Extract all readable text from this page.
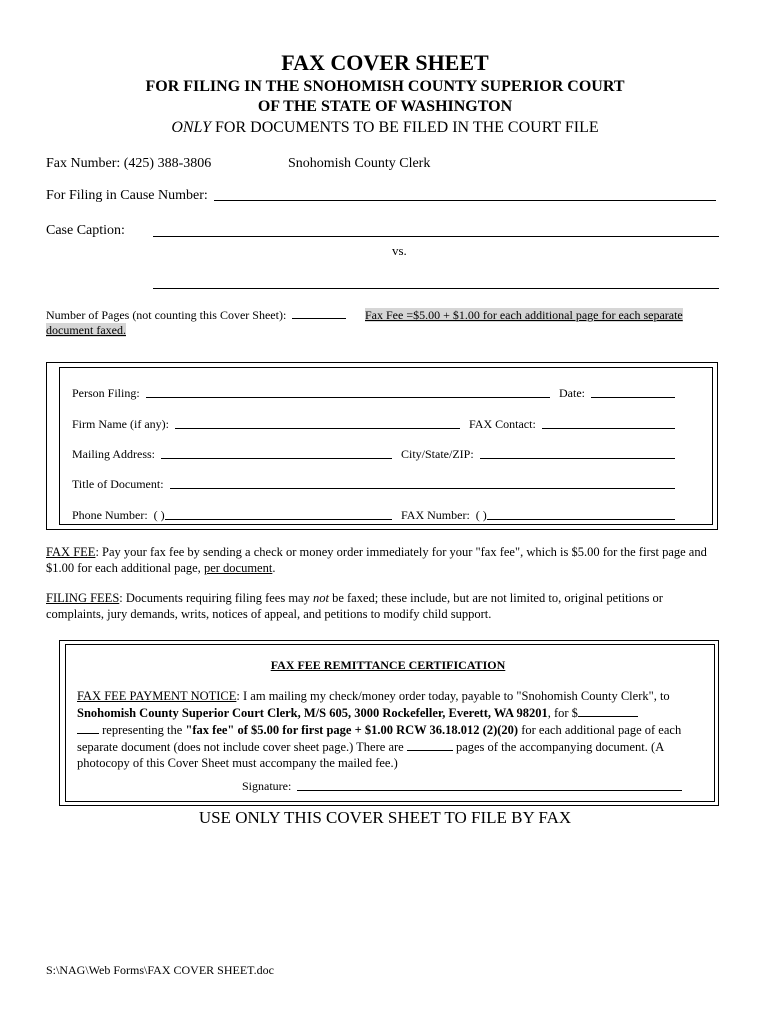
FAX COVER SHEET
FOR FILING IN THE SNOHOMISH COUNTY SUPERIOR COURT
OF THE STATE OF WASHINGTON
ONLY FOR DOCUMENTS TO BE FILED IN THE COURT FILE
Fax Number: (425) 388-3806	Snohomish County Clerk
For Filing in Cause Number:
Case Caption:
vs.
Number of Pages (not counting this Cover Sheet):	Fax Fee =$5.00 + $1.00 for each additional page for each separate
document faxed.
Person Filing:	Date:
Firm Name (if any):	FAX Contact:
Mailing Address:	City/State/ZIP:
Title of Document:
Phone Number: ( )	FAX Number: ( )
FAX FEE: Pay your fax fee by sending a check or money order immediately for your "fax fee", which is $5.00 for the first page and
$1.00 for each additional page, per document.
FILING FEES: Documents requiring filing fees may not be faxed; these include, but are not limited to, original petitions or
complaints, jury demands, writs, notices of appeal, and petitions to modify child support.
FAX FEE REMITTANCE CERTIFICATION
FAX FEE PAYMENT NOTICE: I am mailing my check/money order today, payable to "Snohomish County Clerk", to
Snohomish County Superior Court Clerk, M/S 605, 3000 Rockefeller, Everett, WA 98201, for $
representing the "fax fee" of $5.00 for first page + $1.00 RCW 36.18.012 (2)(20) for each additional page of each
separate document (does not include cover sheet page.) There are	pages of the accompanying document. (A
photocopy of this Cover Sheet must accompany the mailed fee.)
Signature:
USE ONLY THIS COVER SHEET TO FILE BY FAX
S:\NAG\Web Forms\FAX COVER SHEET.doc
